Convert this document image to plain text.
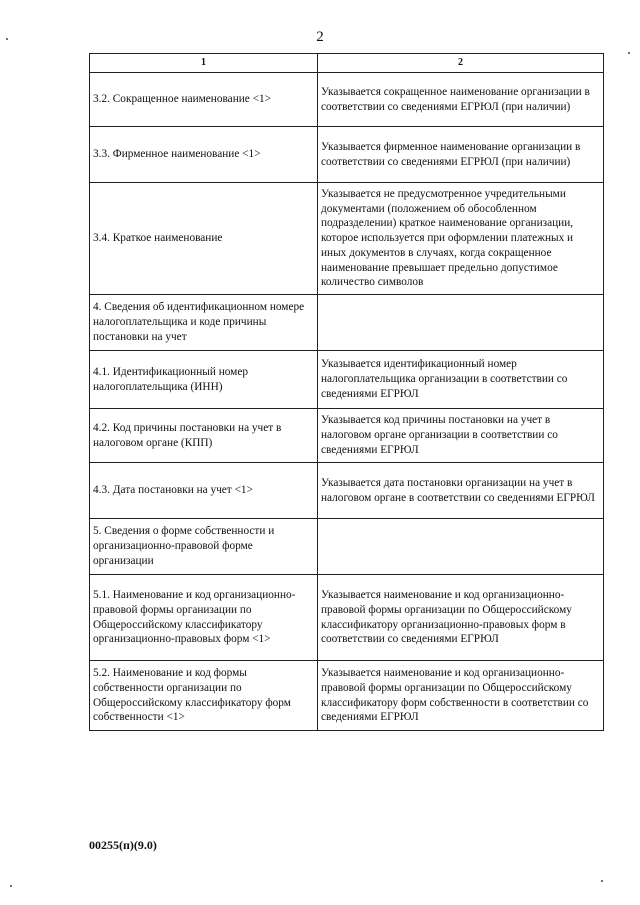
2
1	2
3.2. Сокращенное наименование <1>	Указывается сокращенное наименование организации в соответствии со сведениями ЕГРЮЛ (при наличии)
3.3. Фирменное наименование <1>	Указывается фирменное наименование организации в соответствии со сведениями ЕГРЮЛ (при наличии)
3.4. Краткое наименование	Указывается не предусмотренное учредительными документами (положением об обособленном подразделении) краткое наименование организации, которое используется при оформлении платежных и иных документов в случаях, когда сокращенное наименование превышает предельно допустимое количество символов
4. Сведения об идентификационном номере налогоплательщика и коде причины постановки на учет	
4.1. Идентификационный номер налогоплательщика (ИНН)	Указывается идентификационный номер налогоплательщика организации в соответствии со сведениями ЕГРЮЛ
4.2. Код причины постановки на учет в налоговом органе (КПП)	Указывается код причины постановки на учет в налоговом органе организации в соответствии со сведениями ЕГРЮЛ
4.3. Дата постановки на учет <1>	Указывается дата постановки организации на учет в налоговом органе в соответствии со сведениями ЕГРЮЛ
5. Сведения о форме собственности и организационно-правовой форме организации	
5.1. Наименование и код организационно-правовой формы организации по Общероссийскому классификатору организационно-правовых форм <1>	Указывается наименование и код организационно-правовой формы организации по Общероссийскому классификатору организационно-правовых форм в соответствии со сведениями ЕГРЮЛ
5.2. Наименование и код формы собственности организации по Общероссийскому классификатору форм собственности <1>	Указывается наименование и код организационно-правовой формы организации по Общероссийскому классификатору форм собственности в соответствии со сведениями ЕГРЮЛ
00255(п)(9.0)
